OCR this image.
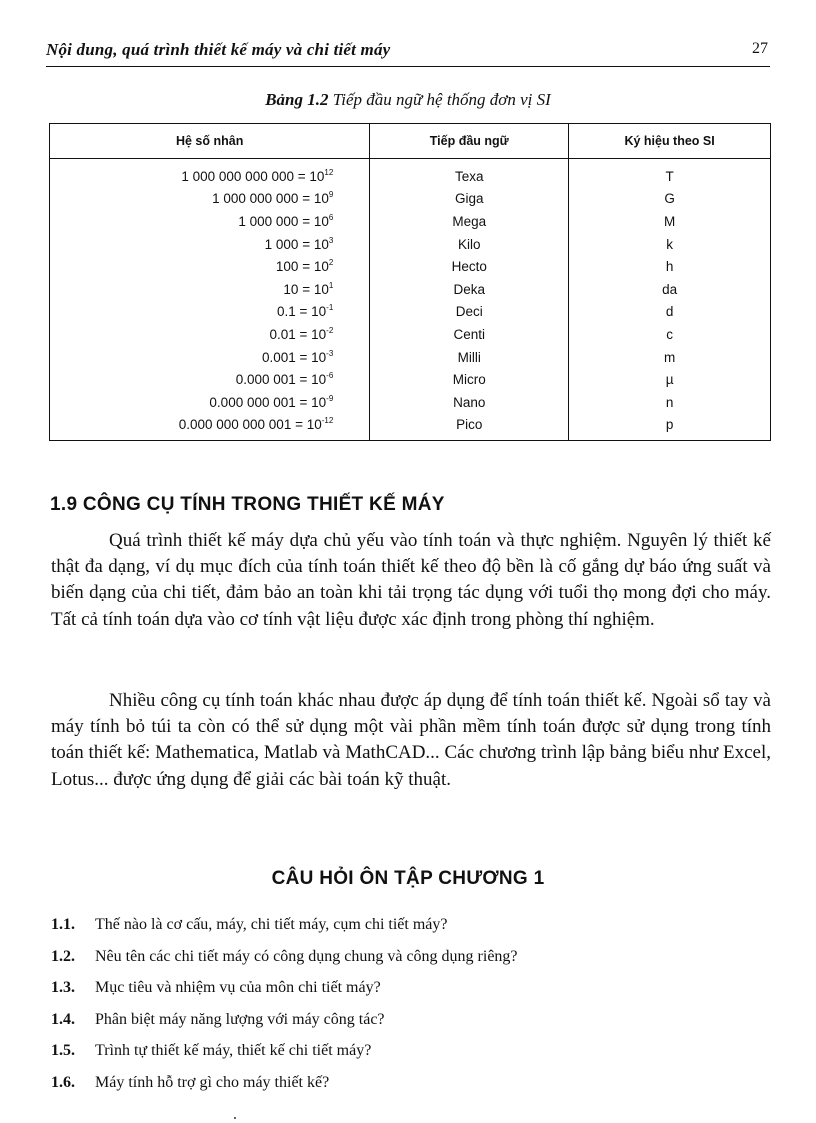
Nội dung, quá trình thiết kế máy và chi tiết máy	27
Bảng 1.2 Tiếp đầu ngữ hệ thống đơn vị SI
Hệ số nhân	Tiếp đầu ngữ	Ký hiệu theo SI
1 000 000 000 $000 = 10^{12}$	Texa	T
1 000 000 $000 = 10^9$	Giga	G
1 000 $000 = 10^6$	Mega	M
1 $000 = 10^3$	Kilo	k
$100 = 10^2$	Hecto	h
$10 = 10^1$	Deka	da
$0.1 = 10^{-1}$	Deci	d
$0.01 = 10^{-2}$	Centi	c
$0.001 = 10^{-3}$	Milli	m
0.000 $001 = 10^{-6}$	Micro	µ
0.000 000 $001 = 10^{-9}$	Nano	n
0.000 000 000 $001 = 10^{-12}$	Pico	p
1.9 CÔNG CỤ TÍNH TRONG THIẾT KẾ MÁY

Quá trình thiết kế máy dựa chủ yếu vào tính toán và thực nghiệm. Nguyên lý thiết kế thật đa dạng, ví dụ mục đích của tính toán thiết kế theo độ bền là cố gắng dự báo ứng suất và biến dạng của chi tiết, đảm bảo an toàn khi tải trọng tác dụng với tuổi thọ mong đợi cho máy. Tất cả tính toán dựa vào cơ tính vật liệu được xác định trong phòng thí nghiệm.

Nhiều công cụ tính toán khác nhau được áp dụng để tính toán thiết kế. Ngoài sổ tay và máy tính bỏ túi ta còn có thể sử dụng một vài phần mềm tính toán được sử dụng trong tính toán thiết kế: Mathematica, Matlab và MathCAD... Các chương trình lập bảng biểu như Excel, Lotus... được ứng dụng để giải các bài toán kỹ thuật.

CÂU HỎI ÔN TẬP CHƯƠNG 1
1.1. Thế nào là cơ cấu, máy, chi tiết máy, cụm chi tiết máy?
1.2. Nêu tên các chi tiết máy có công dụng chung và công dụng riêng?
1.3. Mục tiêu và nhiệm vụ của môn chi tiết máy?
1.4. Phân biệt máy năng lượng với máy công tác?
1.5. Trình tự thiết kế máy, thiết kế chi tiết máy?
1.6. Máy tính hỗ trợ gì cho máy thiết kế?
